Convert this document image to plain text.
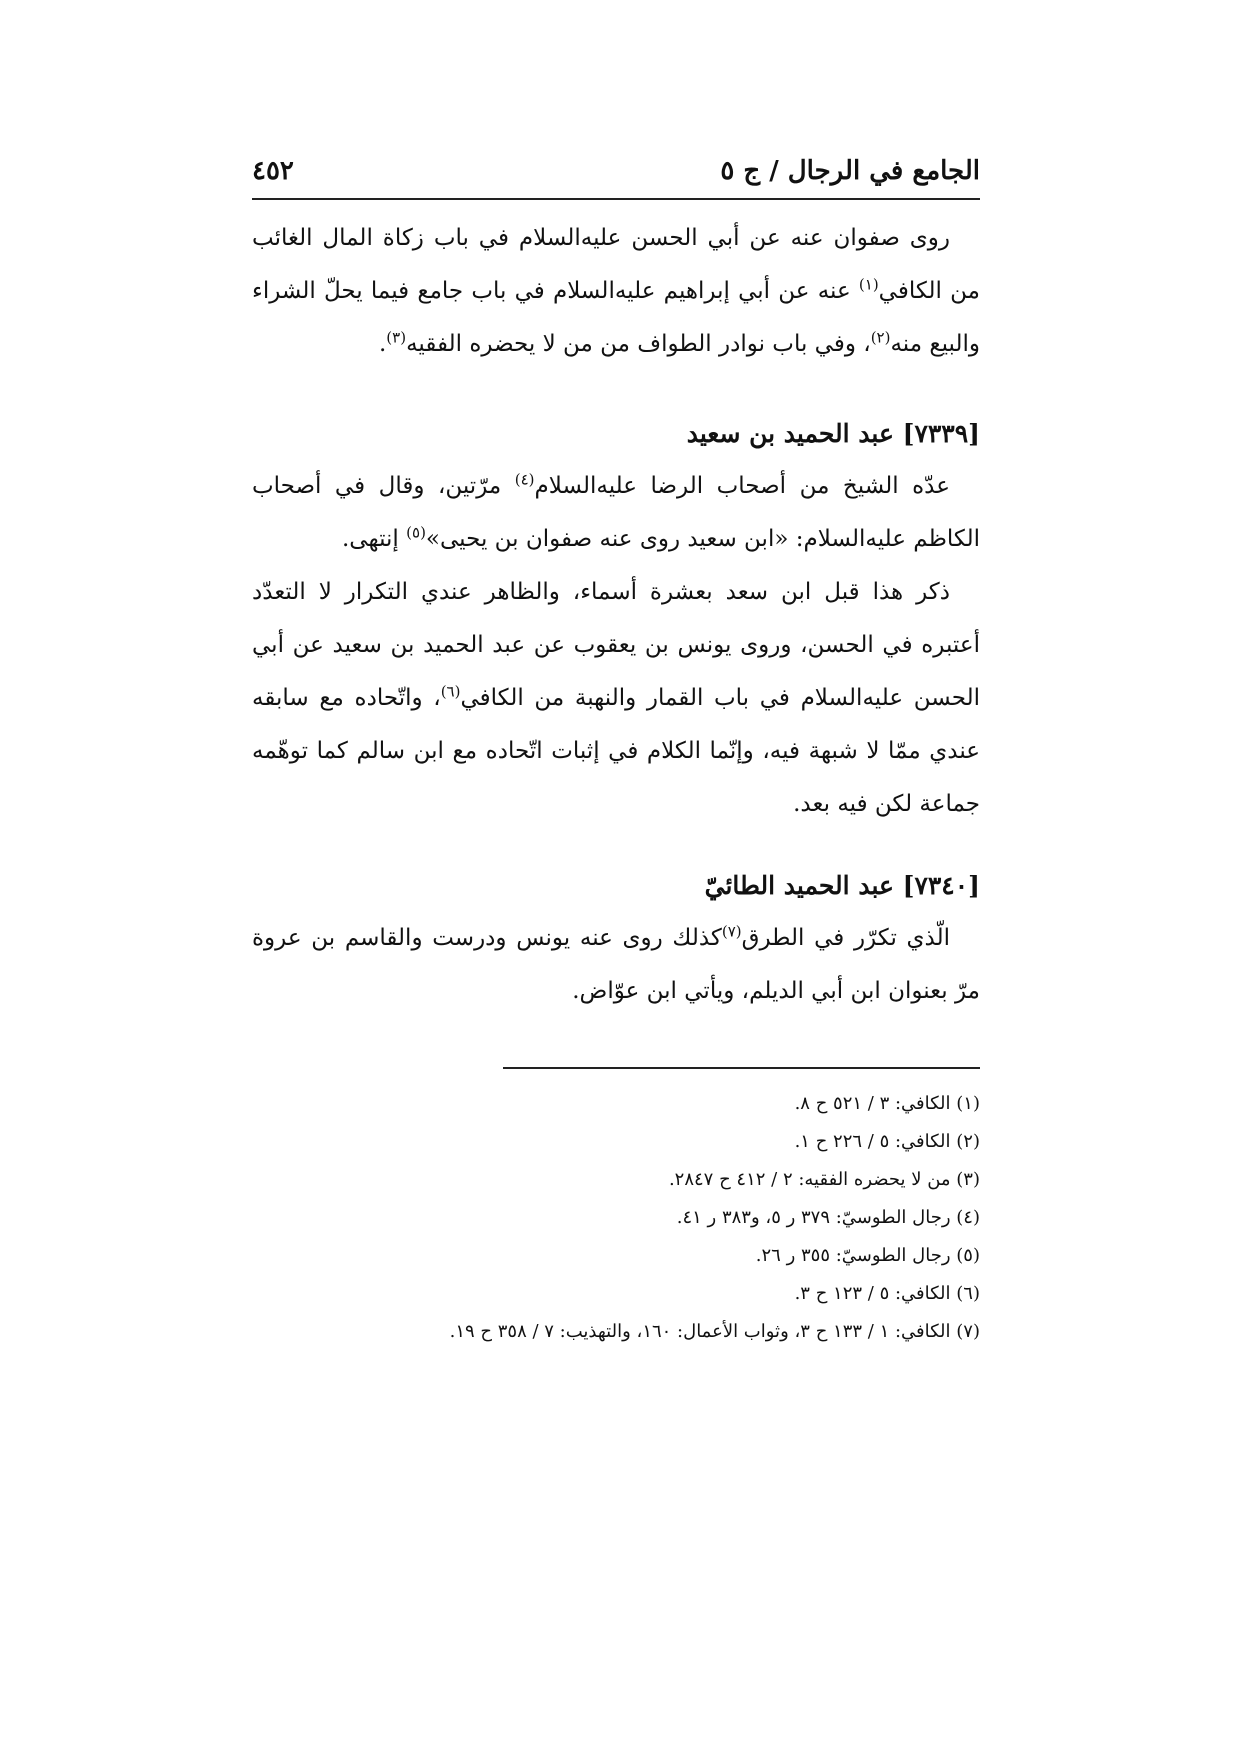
الجامع في الرجال / ج ٥
٤٥٢

روى صفوان عنه عن أبي الحسن عليه‌السلام في باب زكاة المال الغائب من الكافي$^{(١)}$ عنه عن أبي إبراهيم عليه‌السلام في باب جامع فيما يحلّ الشراء والبيع منه$^{(٢)}$، وفي باب نوادر الطواف من من لا يحضره الفقيه$^{(٣)}$.

[٧٣٣٩] عبد الحميد بن سعيد

عدّه الشيخ من أصحاب الرضا عليه‌السلام$^{(٤)}$ مرّتين، وقال في أصحاب الكاظم عليه‌السلام: «ابن سعيد روى عنه صفوان بن يحيى»$^{(٥)}$ إنتهى.

ذكر هذا قبل ابن سعد بعشرة أسماء، والظاهر عندي التكرار لا التعدّد أعتبره في الحسن، وروى يونس بن يعقوب عن عبد الحميد بن سعيد عن أبي الحسن عليه‌السلام في باب القمار والنهبة من الكافي$^{(٦)}$، واتّحاده مع سابقه عندي ممّا لا شبهة فيه، وإنّما الكلام في إثبات اتّحاده مع ابن سالم كما توهّمه جماعة لكن فيه بعد.

[٧٣٤٠] عبد الحميد الطائيّ

الّذي تكرّر في الطرق$^{(٧)}$كذلك روى عنه يونس ودرست والقاسم بن عروة مرّ بعنوان ابن أبي الديلم، ويأتي ابن عوّاض.

(١) الكافي: ٣ / ٥٢١ ح ٨.

(٢) الكافي: ٥ / ٢٢٦ ح ١.

(٣) من لا يحضره الفقيه: ٢ / ٤١٢ ح ٢٨٤٧.

(٤) رجال الطوسيّ: ٣٧٩ ر ٥، و٣٨٣ ر ٤١.

(٥) رجال الطوسيّ: ٣٥٥ ر ٢٦.

(٦) الكافي: ٥ / ١٢٣ ح ٣.

(٧) الكافي: ١ / ١٣٣ ح ٣، وثواب الأعمال: ١٦٠، والتهذيب: ٧ / ٣٥٨ ح ١٩.
